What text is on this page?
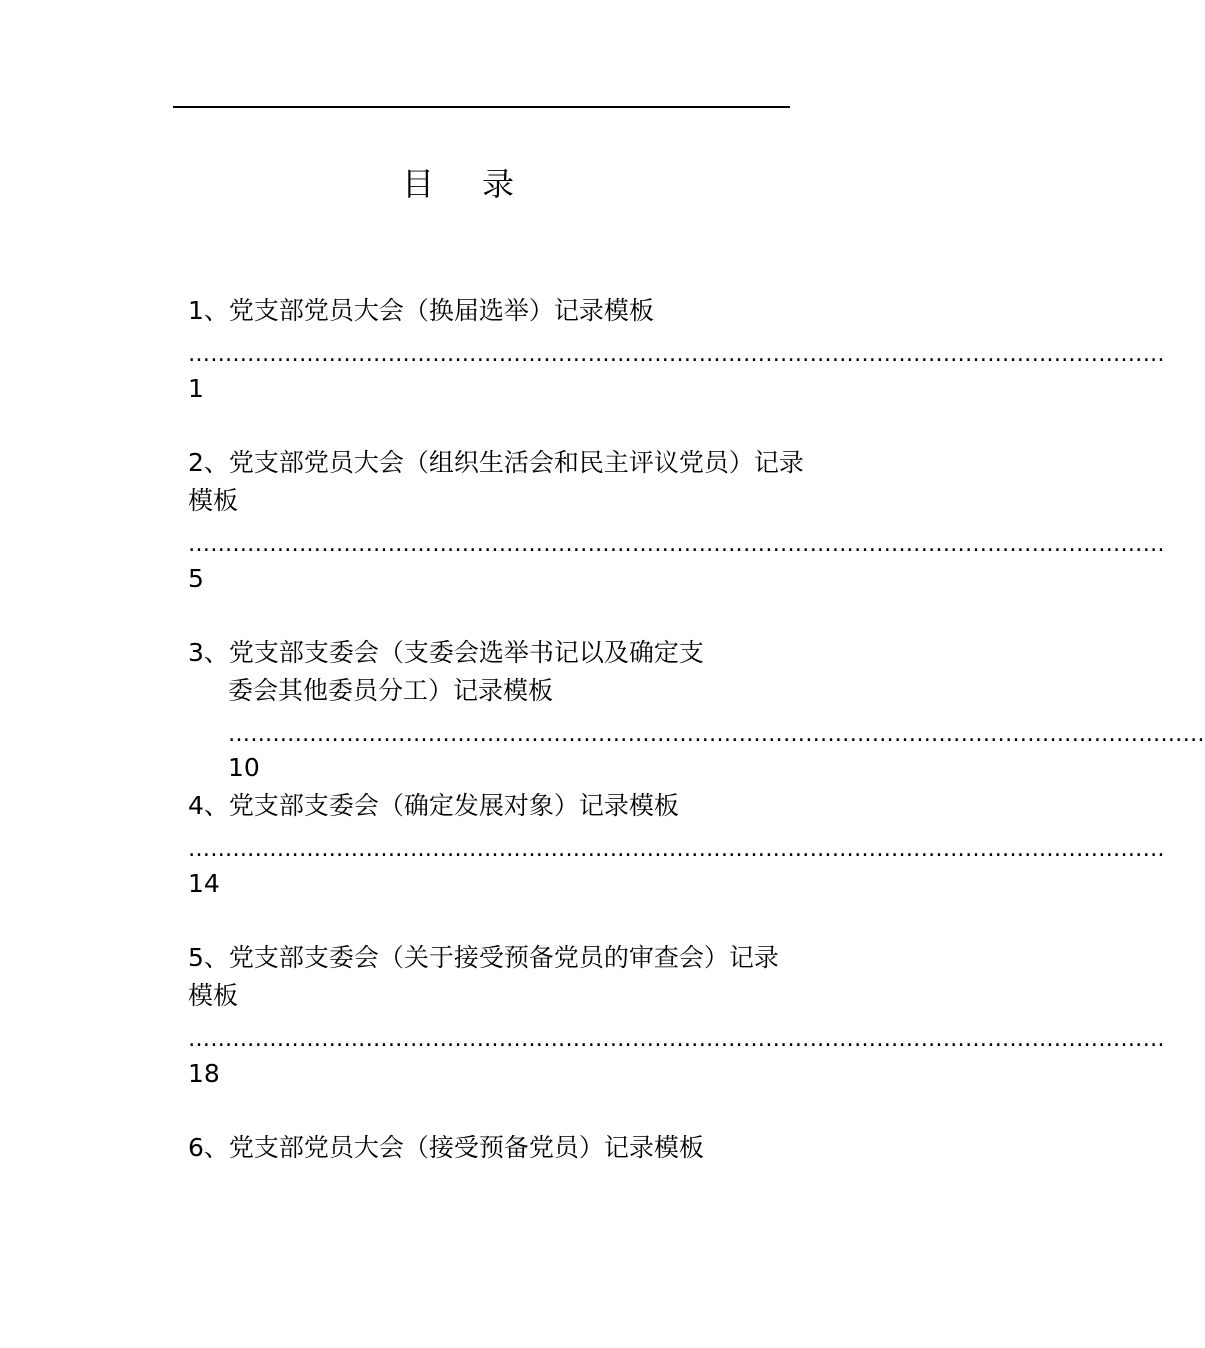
目录
1、党支部党员大会（换届选举）记录模板
……………………………………………………………………………………………………………………
1
2、党支部党员大会（组织生活会和民主评议党员）记录
模板
……………………………………………………………………………………………………………………
5
3、党支部支委会（支委会选举书记以及确定支
委会其他委员分工）记录模板
……………………………………………………………………………………………………………………
10
4、党支部支委会（确定发展对象）记录模板
……………………………………………………………………………………………………………………
14
5、党支部支委会（关于接受预备党员的审查会）记录
模板
……………………………………………………………………………………………………………………
18
6、党支部党员大会（接受预备党员）记录模板
